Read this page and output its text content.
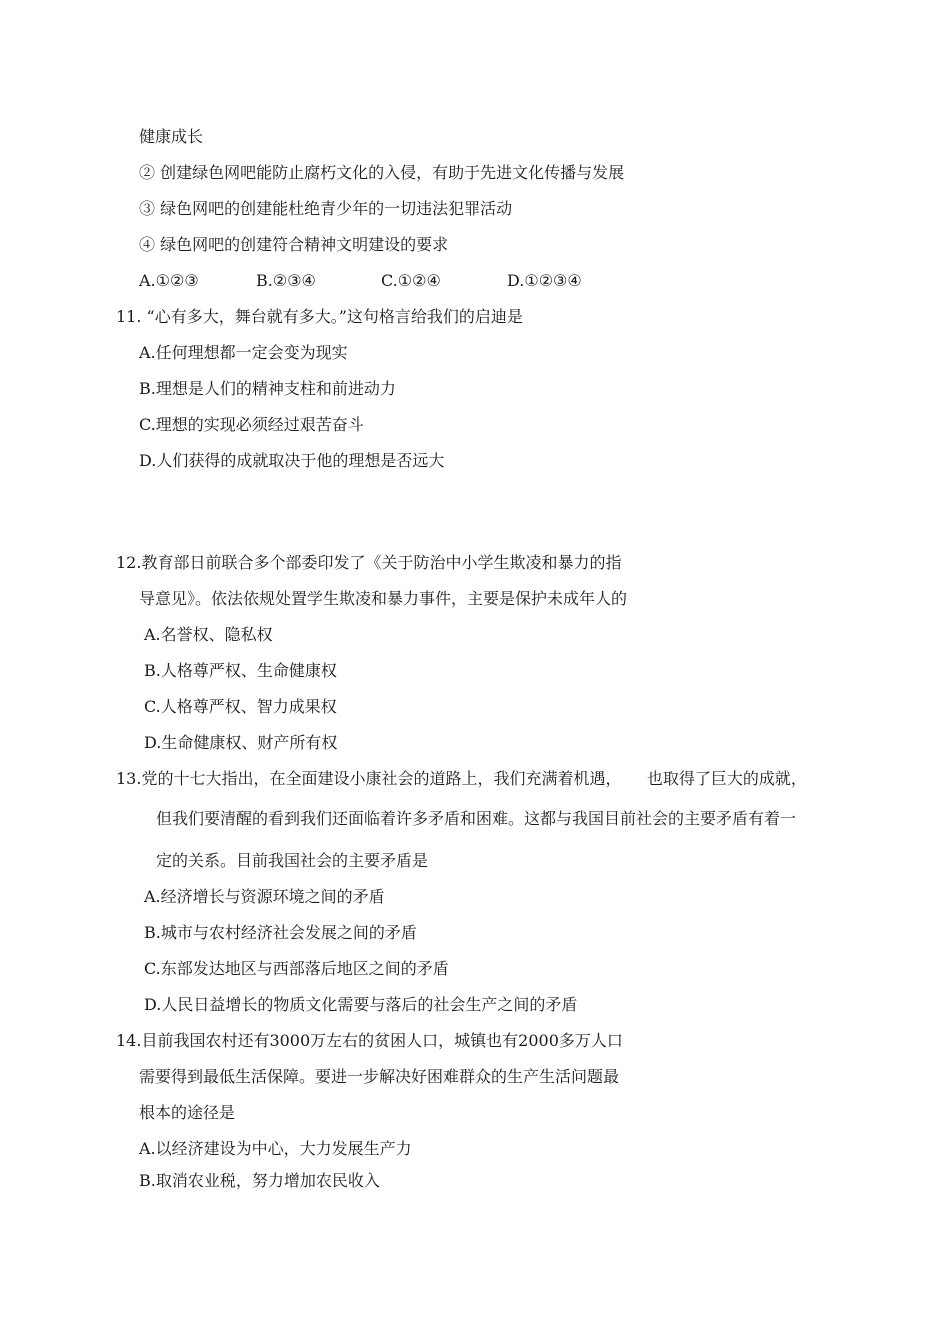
健康成长
② 创建绿色网吧能防止腐朽文化的入侵，有助于先进文化传播与发展
③ 绿色网吧的创建能杜绝青少年的一切违法犯罪活动
④ 绿色网吧的创建符合精神文明建设的要求
A.①②③	B.②③④	C.①②④	D.①②③④
11. “心有多大，舞台就有多大。”这句格言给我们的启迪是
A.任何理想都一定会变为现实
B.理想是人们的精神支柱和前进动力
C.理想的实现必须经过艰苦奋斗
D.人们获得的成就取决于他的理想是否远大
12.教育部日前联合多个部委印发了《关于防治中小学生欺凌和暴力的指
导意见》。依法依规处置学生欺凌和暴力事件，主要是保护未成年人的
A.名誉权、隐私权
B.人格尊严权、生命健康权
C.人格尊严权、智力成果权
D.生命健康权、财产所有权
13.党的十七大指出，在全面建设小康社会的道路上，我们充满着机遇，     也取得了巨大的成就，
但我们要清醒的看到我们还面临着许多矛盾和困难。这都与我国目前社会的主要矛盾有着一
定的关系。目前我国社会的主要矛盾是
A.经济增长与资源环境之间的矛盾
B.城市与农村经济社会发展之间的矛盾
C.东部发达地区与西部落后地区之间的矛盾
D.人民日益增长的物质文化需要与落后的社会生产之间的矛盾
14.目前我国农村还有3000万左右的贫困人口，城镇也有2000多万人口
需要得到最低生活保障。要进一步解决好困难群众的生产生活问题最
根本的途径是
A.以经济建设为中心，大力发展生产力
B.取消农业税，努力增加农民收入
